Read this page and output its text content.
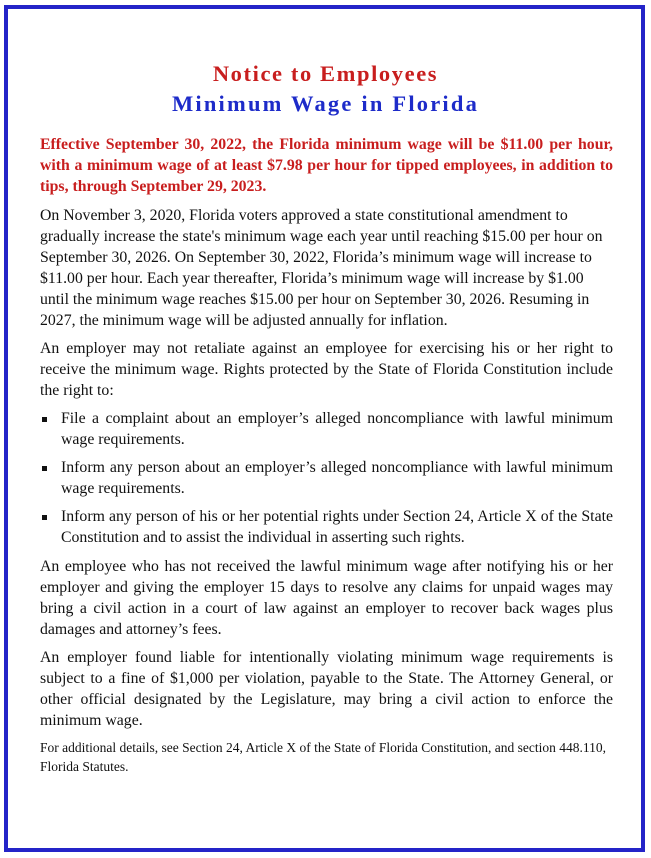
Notice to Employees
Minimum Wage in Florida

Effective September 30, 2022, the Florida minimum wage will be $11.00 per hour, with a minimum wage of at least $7.98 per hour for tipped employees, in addition to tips, through September 29, 2023.

On November 3, 2020, Florida voters approved a state constitutional amendment to gradually increase the state's minimum wage each year until reaching $15.00 per hour on September 30, 2026. On September 30, 2022, Florida’s minimum wage will increase to $11.00 per hour. Each year thereafter, Florida’s minimum wage will increase by $1.00 until the minimum wage reaches $15.00 per hour on September 30, 2026. Resuming in 2027, the minimum wage will be adjusted annually for inflation.

An employer may not retaliate against an employee for exercising his or her right to receive the minimum wage. Rights protected by the State of Florida Constitution include the right to:

File a complaint about an employer’s alleged noncompliance with lawful minimum wage requirements.
Inform any person about an employer’s alleged noncompliance with lawful minimum wage requirements.
Inform any person of his or her potential rights under Section 24, Article X of the State Constitution and to assist the individual in asserting such rights.

An employee who has not received the lawful minimum wage after notifying his or her employer and giving the employer 15 days to resolve any claims for unpaid wages may bring a civil action in a court of law against an employer to recover back wages plus damages and attorney’s fees.

An employer found liable for intentionally violating minimum wage requirements is subject to a fine of $1,000 per violation, payable to the State. The Attorney General, or other official designated by the Legislature, may bring a civil action to enforce the minimum wage.

For additional details, see Section 24, Article X of the State of Florida Constitution, and section 448.110, Florida Statutes.
